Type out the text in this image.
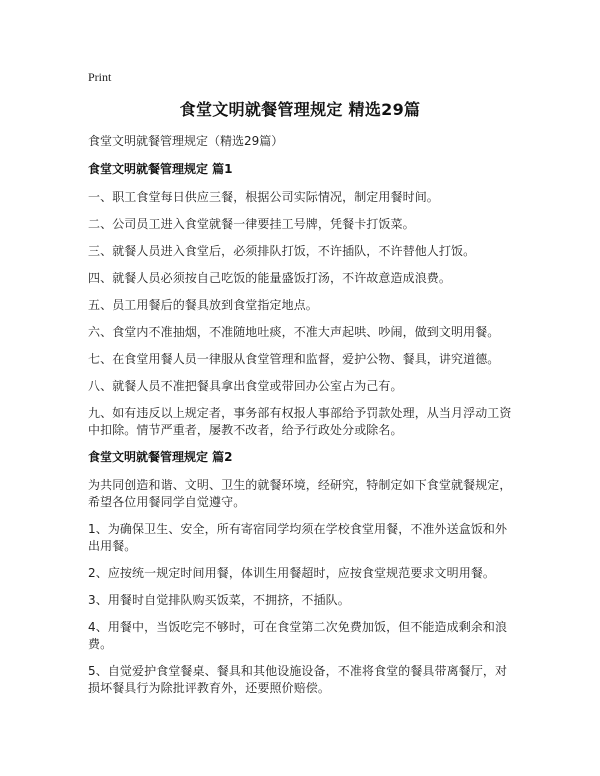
Print
食堂文明就餐管理规定 精选29篇

食堂文明就餐管理规定（精选29篇）

食堂文明就餐管理规定 篇1

一、职工食堂每日供应三餐，根据公司实际情况，制定用餐时间。

二、公司员工进入食堂就餐一律要挂工号牌，凭餐卡打饭菜。

三、就餐人员进入食堂后，必须排队打饭，不许插队，不许替他人打饭。

四、就餐人员必须按自己吃饭的能量盛饭打汤，不许故意造成浪费。

五、员工用餐后的餐具放到食堂指定地点。

六、食堂内不准抽烟，不准随地吐痰，不准大声起哄、吵闹，做到文明用餐。

七、在食堂用餐人员一律服从食堂管理和监督，爱护公物、餐具，讲究道德。

八、就餐人员不准把餐具拿出食堂或带回办公室占为己有。

九、如有违反以上规定者，事务部有权报人事部给予罚款处理，从当月浮动工资中扣除。情节严重者，屡教不改者，给予行政处分或除名。

食堂文明就餐管理规定 篇2

为共同创造和谐、文明、卫生的就餐环境，经研究，特制定如下食堂就餐规定，希望各位用餐同学自觉遵守。

1、为确保卫生、安全，所有寄宿同学均须在学校食堂用餐，不准外送盒饭和外出用餐。

2、应按统一规定时间用餐，体训生用餐超时，应按食堂规范要求文明用餐。

3、用餐时自觉排队购买饭菜，不拥挤，不插队。

4、用餐中，当饭吃完不够时，可在食堂第二次免费加饭，但不能造成剩余和浪费。

5、自觉爱护食堂餐桌、餐具和其他设施设备，不准将食堂的餐具带离餐厅，对损坏餐具行为除批评教育外，还要照价赔偿。
